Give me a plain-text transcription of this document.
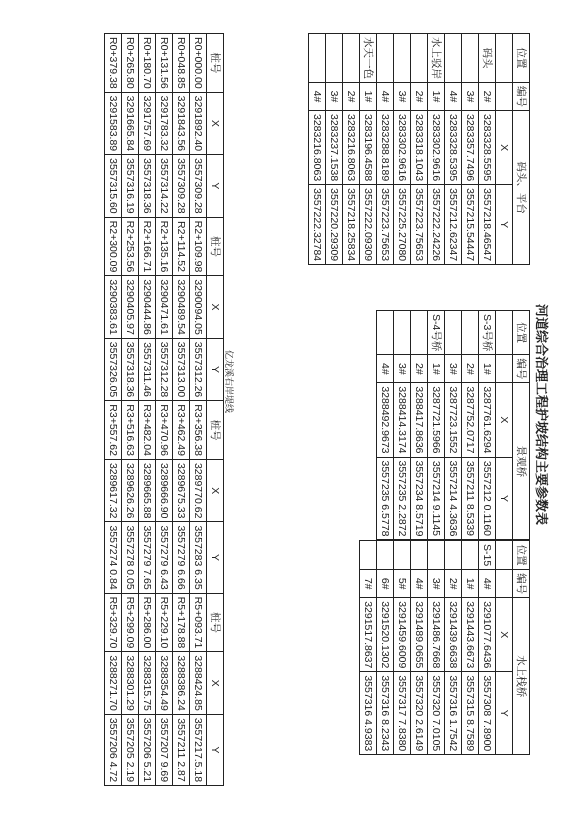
河道综合治理工程护坡结构主要参数表
位置	编号	码头、平台	
		X	Y
码头	2#	3283328.5595	3557218.46547
	3#	3283357.7496	3557215.54447
	4#	3283328.5395	3557212.62347
水上驳岸	1#	3283302.9616	3557222.24226
	2#	3283318.1043	3557223.75653
	3#	3283302.9616	3557225.27080
	4#	3283288.8189	3557223.75653
水天一色	1#	3283196.4588	3557222.09309
	2#	3283216.8063	3557218.25834
	3#	3283237.1538	3557220.29309
	4#	3283216.8063	3557222.32784
位置	编号	景观桥	
		X	Y
S-3号桥	1#	3287761.6294	3557212 0.1160
	2#	3287752.0717	3557211 8.5339
	3#	3287723.1552	3557214 4.3636
S-4号桥	1#	3287721.5966	3557214 9.1145
	2#	3288417.8636	3557234 8.5719
	3#	3288414.3174	3557235 2.2872
	4#	3288492.9673	3557235 6.5778
位置	编号	水上栈桥	
		X	Y
S-15	4#	3291077.6436	3557308 7.8900
	1#	3291443.6673	3557315 8.7589
	2#	3291439.6638	3557316 1.7542
	3#	3291486.7668	3557320 7.0105
	4#	3291489.0655	3557320 2.6149
	5#	3291459.6009	3557317 7.8380
	6#	3291520.1302	3557316 8.2343
	7#	3291517.8637	3557316 4.9383
亿龙溪右岸堤线
桩号	X	Y	桩号	X	Y	桩号	X	Y	桩号	X	Y
R0+000.00	3291892.40	3557309.28	R2+109.98	3290094.05	3557312.26	R3+356.38	3289770.62	3557283 6.35	R5+093.71	3288424.85	3557217.5.18
R0+048.85	3291843.56	3557309.28	R2+114.52	3290489.54	3557313.00	R3+462.49	3289675.33	3557279 6.66	R5+178.88	3288386.24	3557211 2.87
R0+131.56	3291783.32	3557314.22	R2+135.16	3290471.61	3557312.28	R3+470.96	3289666.90	3557279 6.43	R5+229.10	3288354.49	3557207 9.69
R0+180.70	3291757.69	3557318.36	R2+166.71	3290444.86	3557311.46	R3+482.04	3289665.88	3557279 7.65	R5+286.00	3288315.75	3557206 5.21
R0+265.80	3291665.84	3557316.19	R2+253.56	3290405.97	3557318.36	R3+516.63	3289626.26	3557278 0.05	R5+299.09	3288301.29	3557205 2.19
R0+379.38	3291583.89	3557315.60	R2+300.09	3290383.61	3557326.05	R3+557.62	3289617.32	3557274 0.84	R5+329.70	3288271.70	3557206 4.72
